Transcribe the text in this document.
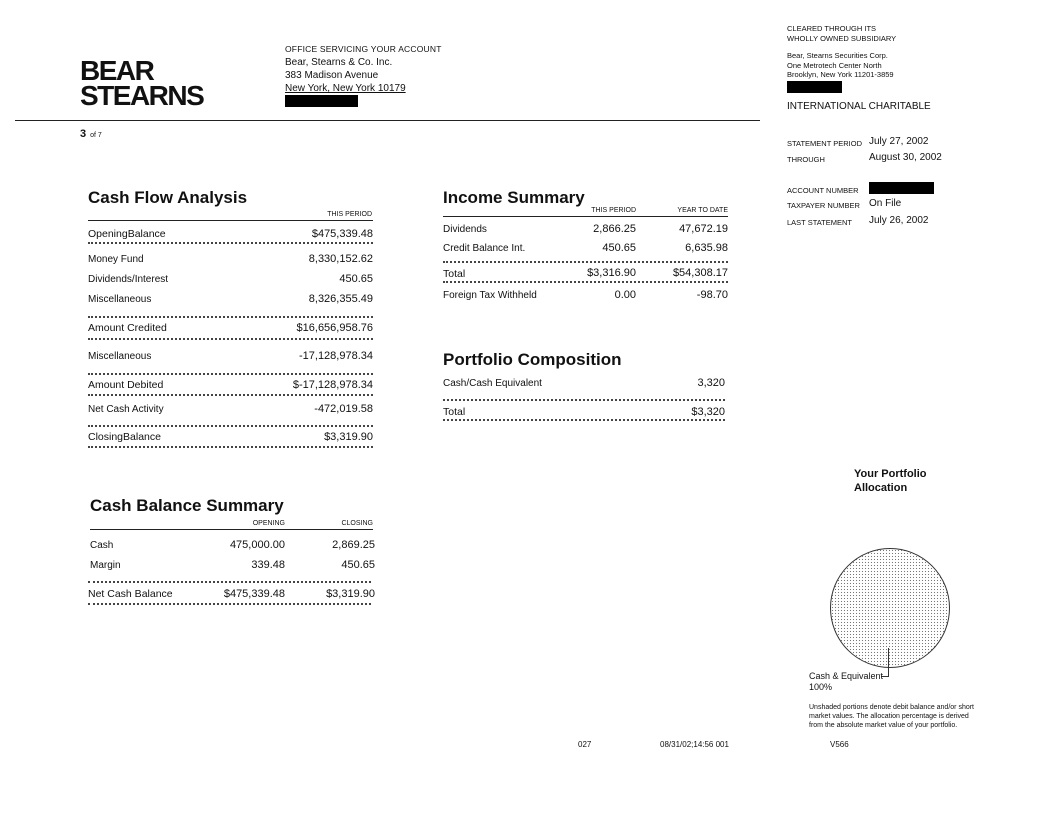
BEAR
STEARNS
OFFICE SERVICING YOUR ACCOUNT
Bear, Stearns & Co. Inc.
383 Madison Avenue
New York, New York 10179
3 of 7
CLEARED THROUGH ITS
WHOLLY OWNED SUBSIDIARY
Bear, Stearns Securities Corp.
One Metrotech Center North
Brooklyn, New York 11201-3859
INTERNATIONAL CHARITABLE
STATEMENT PERIOD July 27, 2002
THROUGH	August 30, 2002
ACCOUNT NUMBER
TAXPAYER NUMBER On File
LAST STATEMENT July 26, 2002
Cash Flow Analysis
THIS PERIOD
OpeningBalance	$475,339.48
Money Fund	8,330,152.62
Dividends/Interest	450.65
Miscellaneous	8,326,355.49
Amount Credited	$16,656,958.76
Miscellaneous	-17,128,978.34
Amount Debited	$-17,128,978.34
Net Cash Activity	-472,019.58
ClosingBalance	$3,319.90
Income Summary
THIS PERIOD	YEAR TO DATE
Dividends	2,866.25	47,672.19
Credit Balance Int.	450.65	6,635.98
Total	$3,316.90	$54,308.17
Foreign Tax Withheld	0.00	-98.70
Portfolio Composition
Cash/Cash Equivalent	3,320
Total	$3,320
Cash Balance Summary
OPENING	CLOSING
Cash	475,000.00	2,869.25
Margin	339.48	450.65
Net Cash Balance	$475,339.48	$3,319.90
Your Portfolio
Allocation
Cash & Equivalent
100%
Unshaded portions denote debit balance and/or short
market values. The allocation percentage is derived
from the absolute market value of your portfolio.
027	08/31/02;14:56 001	V566
